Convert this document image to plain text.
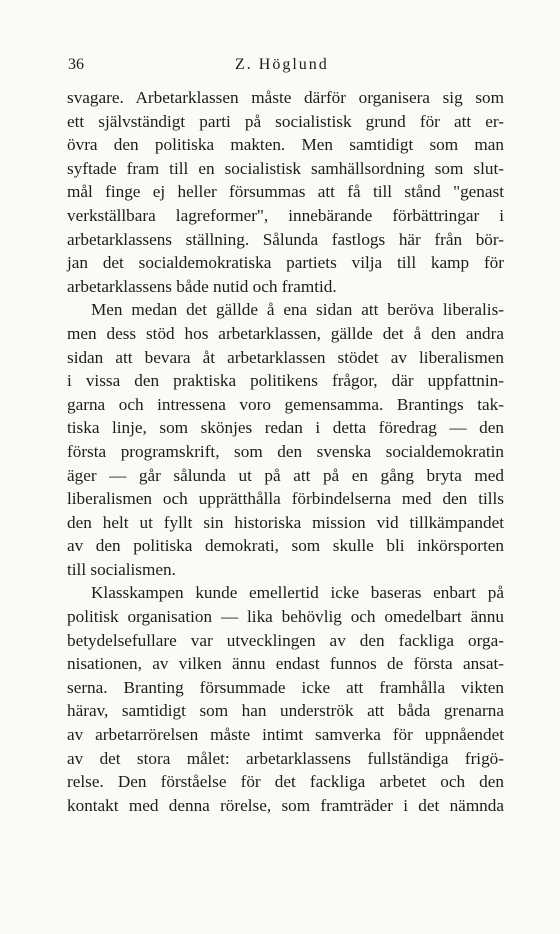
36	Z. Höglund
svagare. Arbetarklassen måste därför organisera sig som
ett självständigt parti på socialistisk grund för att er-
övra den politiska makten. Men samtidigt som man
syftade fram till en socialistisk samhällsordning som slut-
mål finge ej heller försummas att få till stånd "genast
verkställbara lagreformer", innebärande förbättringar i
arbetarklassens ställning. Sålunda fastlogs här från bör-
jan det socialdemokratiska partiets vilja till kamp för
arbetarklassens både nutid och framtid.
Men medan det gällde å ena sidan att beröva liberalis-
men dess stöd hos arbetarklassen, gällde det å den andra
sidan att bevara åt arbetarklassen stödet av liberalismen
i vissa den praktiska politikens frågor, där uppfattnin-
garna och intressena voro gemensamma. Brantings tak-
tiska linje, som skönjes redan i detta föredrag — den
första programskrift, som den svenska socialdemokratin
äger — går sålunda ut på att på en gång bryta med
liberalismen och upprätthålla förbindelserna med den tills
den helt ut fyllt sin historiska mission vid tillkämpandet
av den politiska demokrati, som skulle bli inkörsporten
till socialismen.
Klasskampen kunde emellertid icke baseras enbart på
politisk organisation — lika behövlig och omedelbart ännu
betydelsefullare var utvecklingen av den fackliga orga-
nisationen, av vilken ännu endast funnos de första ansat-
serna. Branting försummade icke att framhålla vikten
härav, samtidigt som han underströk att båda grenarna
av arbetarrörelsen måste intimt samverka för uppnåendet
av det stora målet: arbetarklassens fullständiga frigö-
relse. Den förståelse för det fackliga arbetet och den
kontakt med denna rörelse, som framträder i det nämnda
